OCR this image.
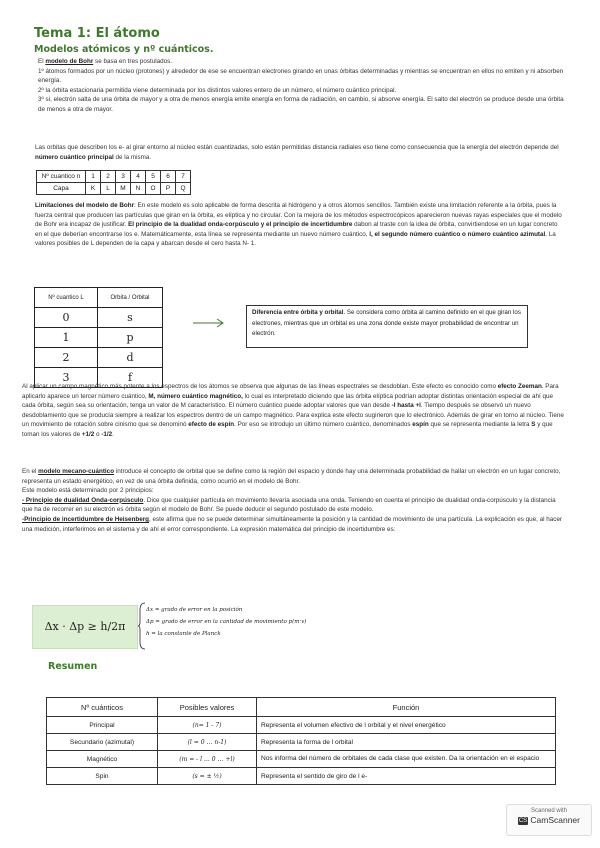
Tema 1: El átomo
Modelos atómicos y nº cuánticos.
El modelo de Bohr se basa en tres postulados.
1º átomos formados por un núcleo (protones) y alrededor de ese se encuentran electrones girando en unas órbitas determinadas y mientras se encuentran en ellos no emiten y ni absorben energía.
2º la órbita estacionaria permitida viene determinada por los distintos valores entero de un número, el número cuántico principal.
3º si, electrón salta de una órbita de mayor y a otra de menos energía emite energía en forma de radiación, en cambio, si absorve energía. El salto del electrón se produce desde una órbita de menos a otra de mayor.
Las orbitas que describen los e- al girar entorno al núcleo están cuantizadas, solo están permitidas distancia radiales eso tiene como consecuencia que la energía del electrón depende del número cuántico principal de la misma.
Nº cuantico n	1	2	3	4	5	6	7
Capa	K	L	M	N	O	P	Q
Limitaciones del modelo de Bohr: En este modelo es solo aplicable de forma descrita al hidrógeno y a otros átomos sencillos. También existe una limitación referente a la órbita, pues la fuerza central que producen las partículas que giran en la órbita, es elíptica y no circular. Con la mejora de los métodos espectrocópicos aparecieron nuevas rayas especiales que el modelo de Bohr era incapaz de justificar. El principio de la dualidad onda-corpúsculo y el principio de incertidumbre dabon al traste con la idea de órbita, convirtiendose en un lugar concreto en el que deberían encontrarse los e. Matemáticamente, esta línea se representa mediante un nuevo número cuántico, l, el segundo número cuántico o número cuántico azimutal. La valores posibles de L dependen de la capa y abarcan desde el cero hasta N- 1.
Nº cuantico L	Orbita / Orbital
0	s
1	p
2	d
3	f
Diferencia entre órbita y orbital. Se considera como órbita al camino definido en el que giran los electrones, mientras que un orbital es una zona donde existe mayor probabilidad de encontrar un electrón.
Al aplicar un campo magnético más potente a los espectros de los átomos se observa que algunas de las líneas espectrales se desdoblan. Este efecto es conocido como efecto Zeeman. Para aplicarlo aparece un tercer número cuántico, M, número cuántico magnético, lo cual es interpretado diciendo que las órbita elíptica podrían adoptar distintas orientación especial de ahí que cada órbita, según sea su orientación, tenga un valor de M característico. El número cuántico puede adoptar valores que van desde -l hasta +l. Tiempo después se observó un nuevo desdoblamiento que se producía siempre a realizar los espectros dentro de un campo magnético. Para explica este efecto sugirieron que lo electrónico. Además de girar en torno al núcleo. Tiene un movimiento de rotación sobre cinismo que se denominó efecto de espín. Por eso se introdujo un último número cuántico, denominados espín que se representa mediante la letra S y que toman los valores de +1/2 o -1/2.
En el modelo mecano-cuántico introduce el concepto de orbital que se define como la región del espacio y donde hay una determinada probabilidad de hallar un electrón en un lugar concreto, representa un estado energético, en vez de una órbita definida, como ocurrió en el modelo de Bohr.
Este modelo está determinado por 2 principios:
- Principio de dualidad Onda-corpúsculo. Dice que cualquier partícula en movimiento llevaría asociada una onda. Teniendo en cuenta el principio de dualidad onda-corpúsculo y la distancia que ha de recorrer en su electrón es órbita según el modelo de Bohr. Se puede deducir el segundo postulado de este modelo.
-Principio de incertidumbre de Heisenberg, este afirma que no se puede determinar simultáneamente la posición y la cantidad de movimiento de una partícula. La explicación es que, al hacer una medición, interferimos en el sistema y de ahí el error correspondiente. La expresión matemática del principio de incertidumbre es:
Δx · Δp ≥ h/2π
Δx = grado de error en la posición
Δp = grado de error en la cantidad de movimiento p(m·v)
h = la constante de Planck
Resumen
Nº cuánticos	Posibles valores	Función
Principal	(n= 1 - 7)	Representa el volumen efectivo de l orbital y el nivel energético
Secundario (azimutal)	(l = 0 … n-1)	Representa la forma de l orbital
Magnético	(m = - l … 0 … +l)	Nos informa del número de orbitales de cada clase que existen. Da la orientación en el espacio
Spin	(s = ± ½)	Representa el sentido de giro de l e-
Scanned with
CS CamScanner
